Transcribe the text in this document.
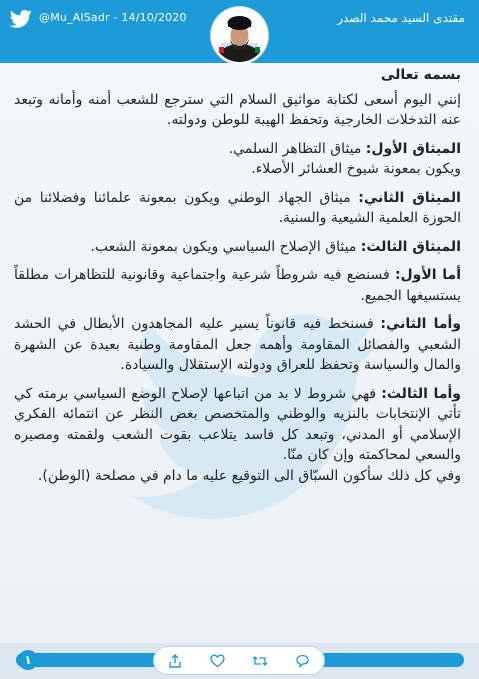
@Mu_AlSadr - 14/10/2020	مقتدى السيد محمد الصدر

بسمه تعالى

إنني اليوم أسعى لكتابة مواثيق السلام التي سترجع للشعب أمنه وأمانه وتبعد عنه التدخلات الخارجية وتحفظ الهيبة للوطن ودولته.

الميثاق الأول: ميثاق التظاهر السلمي.
ويكون بمعونة شيوخ العشائر الأصلاء.

الميثاق الثاني: ميثاق الجهاد الوطني ويكون بمعونة علمائنا وفضلائنا من الحوزة العلمية الشيعية والسنية.

الميثاق الثالث: ميثاق الإصلاح السياسي ويكون بمعونة الشعب.

أما الأول: فسنضع فيه شروطاً شرعية واجتماعية وقانونية للتظاهرات مطلقاً يستسيغها الجميع.

وأما الثاني: فسنخط فيه قانوناً يسير عليه المجاهدون الأبطال في الحشد الشعبي والفصائل المقاومة وأهمه جعل المقاومة وطنية بعيدة عن الشهرة والمال والسياسة وتحفظ للعراق ودولته الإستقلال والسيادة.

وأما الثالث: فهي شروط لا بد من اتباعها لإصلاح الوضع السياسي برمته كي تأتي الإنتخابات بالنزيه والوطني والمتخصص بغض النظر عن انتمائه الفكري الإسلامي أو المدني، وتبعد كل فاسد يتلاعب بقوت الشعب ولقمته ومصيره والسعي لمحاكمته وإن كان منّا.
وفي كل ذلك سأكون السبّاق الى التوقيع عليه ما دام في مصلحة (الوطن).

١
